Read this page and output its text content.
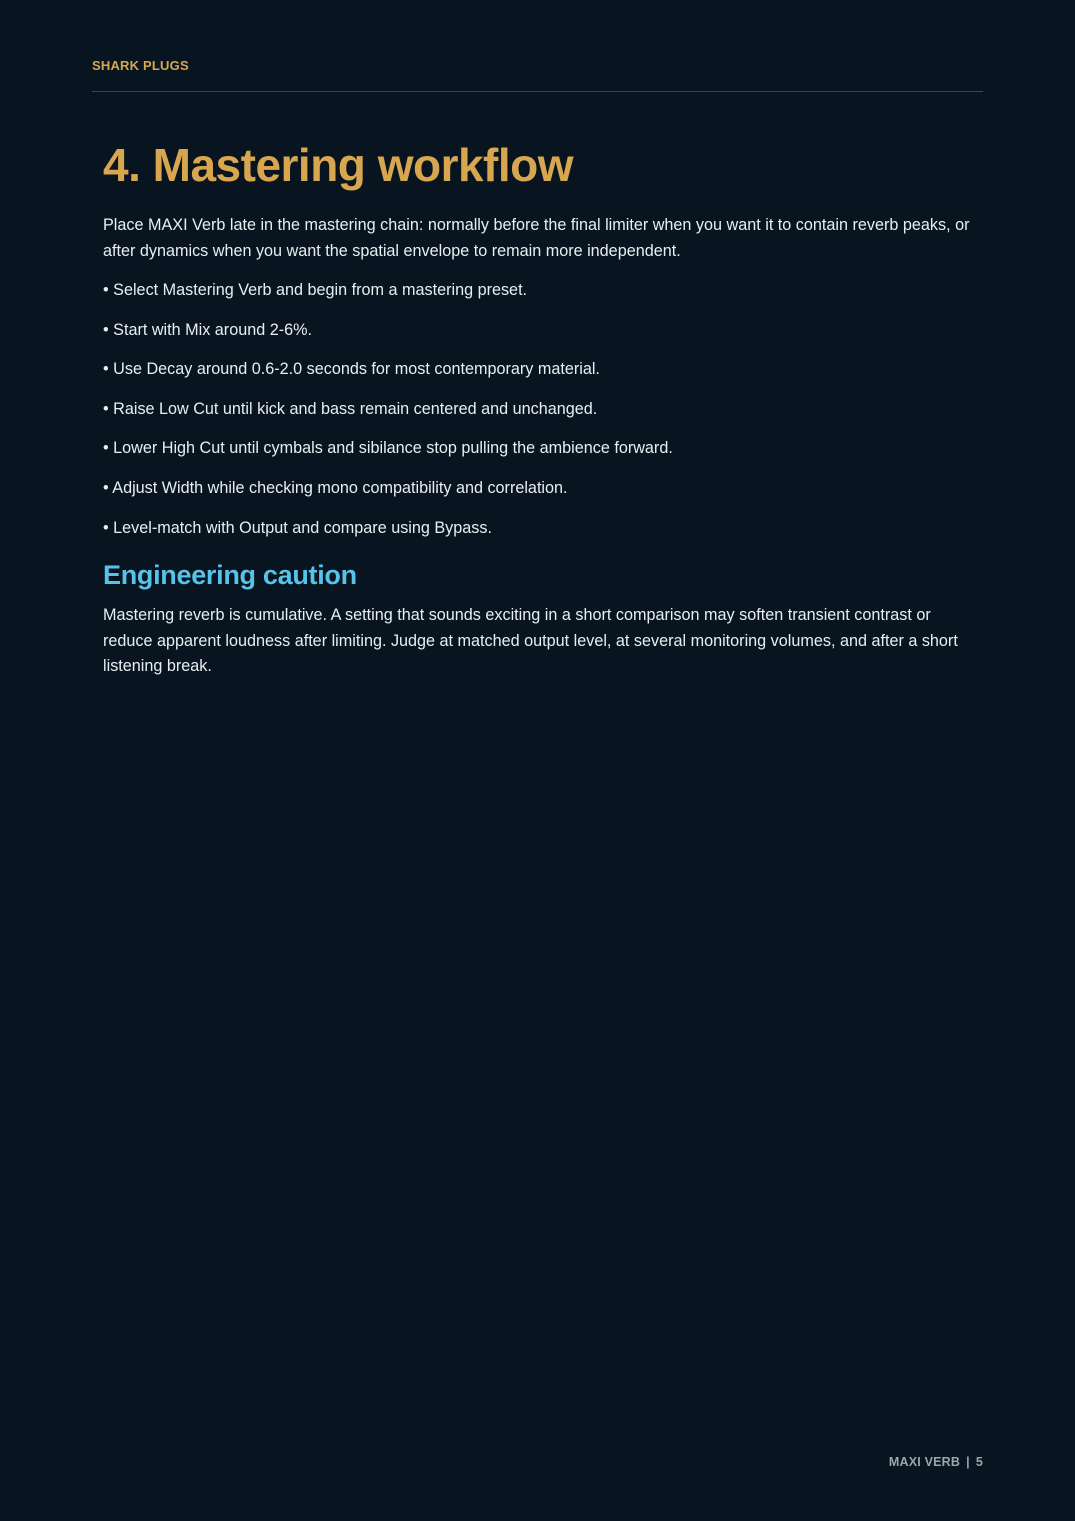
SHARK PLUGS
4. Mastering workflow

Place MAXI Verb late in the mastering chain: normally before the final limiter when you want it to contain reverb peaks, or after dynamics when you want the spatial envelope to remain more independent.

• Select Mastering Verb and begin from a mastering preset.
• Start with Mix around 2-6%.
• Use Decay around 0.6-2.0 seconds for most contemporary material.
• Raise Low Cut until kick and bass remain centered and unchanged.
• Lower High Cut until cymbals and sibilance stop pulling the ambience forward.
• Adjust Width while checking mono compatibility and correlation.
• Level-match with Output and compare using Bypass.
Engineering caution

Mastering reverb is cumulative. A setting that sounds exciting in a short comparison may soften transient contrast or reduce apparent loudness after limiting. Judge at matched output level, at several monitoring volumes, and after a short listening break.

MAXI VERB | 5
